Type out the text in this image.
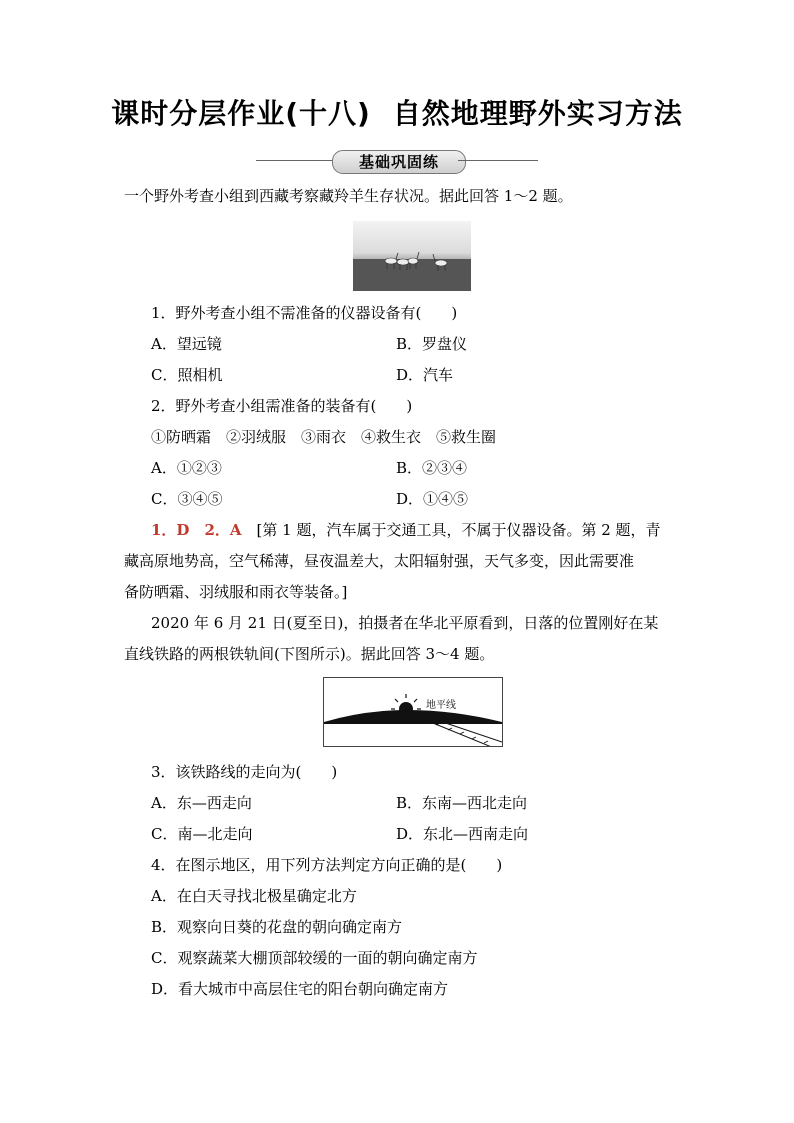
课时分层作业(十八) 自然地理野外实习方法
基础巩固练
一个野外考查小组到西藏考察藏羚羊生存状况。据此回答 1～2 题。
1．野外考查小组不需准备的仪器设备有(　　)
A．望远镜	B．罗盘仪
C．照相机	D．汽车
2．野外考查小组需准备的装备有(　　)
①防晒霜　②羽绒服　③雨衣　④救生衣　⑤救生圈
A．①②③	B．②③④
C．③④⑤	D．①④⑤
1．D　2．A　 [第 1 题，汽车属于交通工具，不属于仪器设备。第 2 题，青
藏高原地势高，空气稀薄，昼夜温差大，太阳辐射强，天气多变，因此需要准
备防晒霜、羽绒服和雨衣等装备。]
2020 年 6 月 21 日(夏至日)，拍摄者在华北平原看到，日落的位置刚好在某
直线铁路的两根铁轨间(下图所示)。据此回答 3～4 题。
地平线
3．该铁路线的走向为(　　)
A．东—西走向	B．东南—西北走向
C．南—北走向	D．东北—西南走向
4．在图示地区，用下列方法判定方向正确的是(　　)
A．在白天寻找北极星确定北方
B．观察向日葵的花盘的朝向确定南方
C．观察蔬菜大棚顶部较缓的一面的朝向确定南方
D．看大城市中高层住宅的阳台朝向确定南方
